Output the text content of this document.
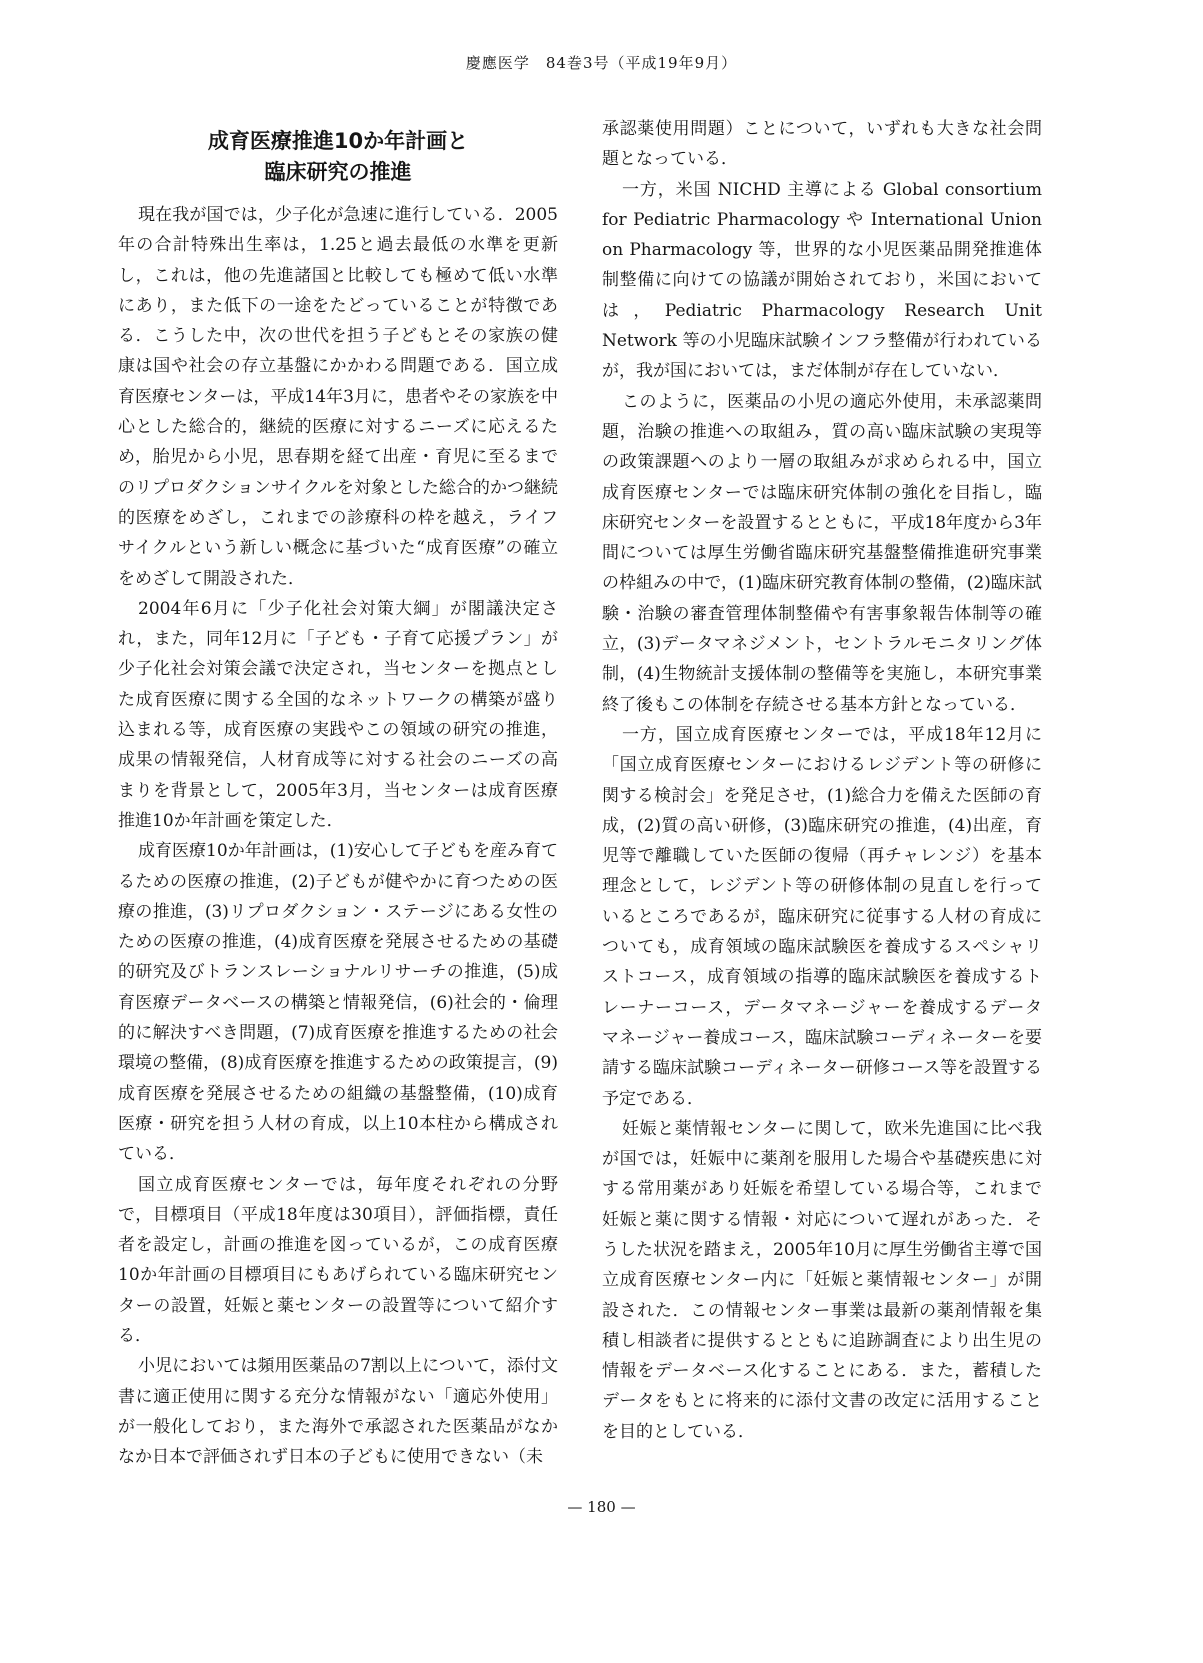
慶應医学　84巻3号（平成19年9月）
成育医療推進10か年計画と
臨床研究の推進

現在我が国では，少子化が急速に進行している．2005年の合計特殊出生率は，1.25と過去最低の水準を更新し，これは，他の先進諸国と比較しても極めて低い水準にあり，また低下の一途をたどっていることが特徴である．こうした中，次の世代を担う子どもとその家族の健康は国や社会の存立基盤にかかわる問題である．国立成育医療センターは，平成14年3月に，患者やその家族を中心とした総合的，継続的医療に対するニーズに応えるため，胎児から小児，思春期を経て出産・育児に至るまでのリプロダクションサイクルを対象とした総合的かつ継続的医療をめざし，これまでの診療科の枠を越え，ライフサイクルという新しい概念に基づいた“成育医療”の確立をめざして開設された．

2004年6月に「少子化社会対策大綱」が閣議決定され，また，同年12月に「子ども・子育て応援プラン」が少子化社会対策会議で決定され，当センターを拠点とした成育医療に関する全国的なネットワークの構築が盛り込まれる等，成育医療の実践やこの領域の研究の推進，成果の情報発信，人材育成等に対する社会のニーズの高まりを背景として，2005年3月，当センターは成育医療推進10か年計画を策定した．

成育医療10か年計画は，(1)安心して子どもを産み育てるための医療の推進，(2)子どもが健やかに育つための医療の推進，(3)リプロダクション・ステージにある女性のための医療の推進，(4)成育医療を発展させるための基礎的研究及びトランスレーショナルリサーチの推進，(5)成育医療データベースの構築と情報発信，(6)社会的・倫理的に解決すべき問題，(7)成育医療を推進するための社会環境の整備，(8)成育医療を推進するための政策提言，(9)成育医療を発展させるための組織の基盤整備，(10)成育医療・研究を担う人材の育成，以上10本柱から構成されている．

国立成育医療センターでは，毎年度それぞれの分野で，目標項目（平成18年度は30項目），評価指標，責任者を設定し，計画の推進を図っているが，この成育医療10か年計画の目標項目にもあげられている臨床研究センターの設置，妊娠と薬センターの設置等について紹介する．

小児においては頻用医薬品の7割以上について，添付文書に適正使用に関する充分な情報がない「適応外使用」が一般化しており，また海外で承認された医薬品がなかなか日本で評価されず日本の子どもに使用できない（未

承認薬使用問題）ことについて，いずれも大きな社会問題となっている．

一方，米国 NICHD 主導による Global consortium for Pediatric Pharmacology や International Union on Pharmacology 等，世界的な小児医薬品開発推進体制整備に向けての協議が開始されており，米国においては，Pediatric Pharmacology Research Unit Network 等の小児臨床試験インフラ整備が行われているが，我が国においては，まだ体制が存在していない．

このように，医薬品の小児の適応外使用，未承認薬問題，治験の推進への取組み，質の高い臨床試験の実現等の政策課題へのより一層の取組みが求められる中，国立成育医療センターでは臨床研究体制の強化を目指し，臨床研究センターを設置するとともに，平成18年度から3年間については厚生労働省臨床研究基盤整備推進研究事業の枠組みの中で，(1)臨床研究教育体制の整備，(2)臨床試験・治験の審査管理体制整備や有害事象報告体制等の確立，(3)データマネジメント，セントラルモニタリング体制，(4)生物統計支援体制の整備等を実施し，本研究事業終了後もこの体制を存続させる基本方針となっている．

一方，国立成育医療センターでは，平成18年12月に「国立成育医療センターにおけるレジデント等の研修に関する検討会」を発足させ，(1)総合力を備えた医師の育成，(2)質の高い研修，(3)臨床研究の推進，(4)出産，育児等で離職していた医師の復帰（再チャレンジ）を基本理念として，レジデント等の研修体制の見直しを行っているところであるが，臨床研究に従事する人材の育成についても，成育領域の臨床試験医を養成するスペシャリストコース，成育領域の指導的臨床試験医を養成するトレーナーコース，データマネージャーを養成するデータマネージャー養成コース，臨床試験コーディネーターを要請する臨床試験コーディネーター研修コース等を設置する予定である．

妊娠と薬情報センターに関して，欧米先進国に比べ我が国では，妊娠中に薬剤を服用した場合や基礎疾患に対する常用薬があり妊娠を希望している場合等，これまで妊娠と薬に関する情報・対応について遅れがあった．そうした状況を踏まえ，2005年10月に厚生労働省主導で国立成育医療センター内に「妊娠と薬情報センター」が開設された．この情報センター事業は最新の薬剤情報を集積し相談者に提供するとともに追跡調査により出生児の情報をデータベース化することにある．また，蓄積したデータをもとに将来的に添付文書の改定に活用することを目的としている．

— 180 —
